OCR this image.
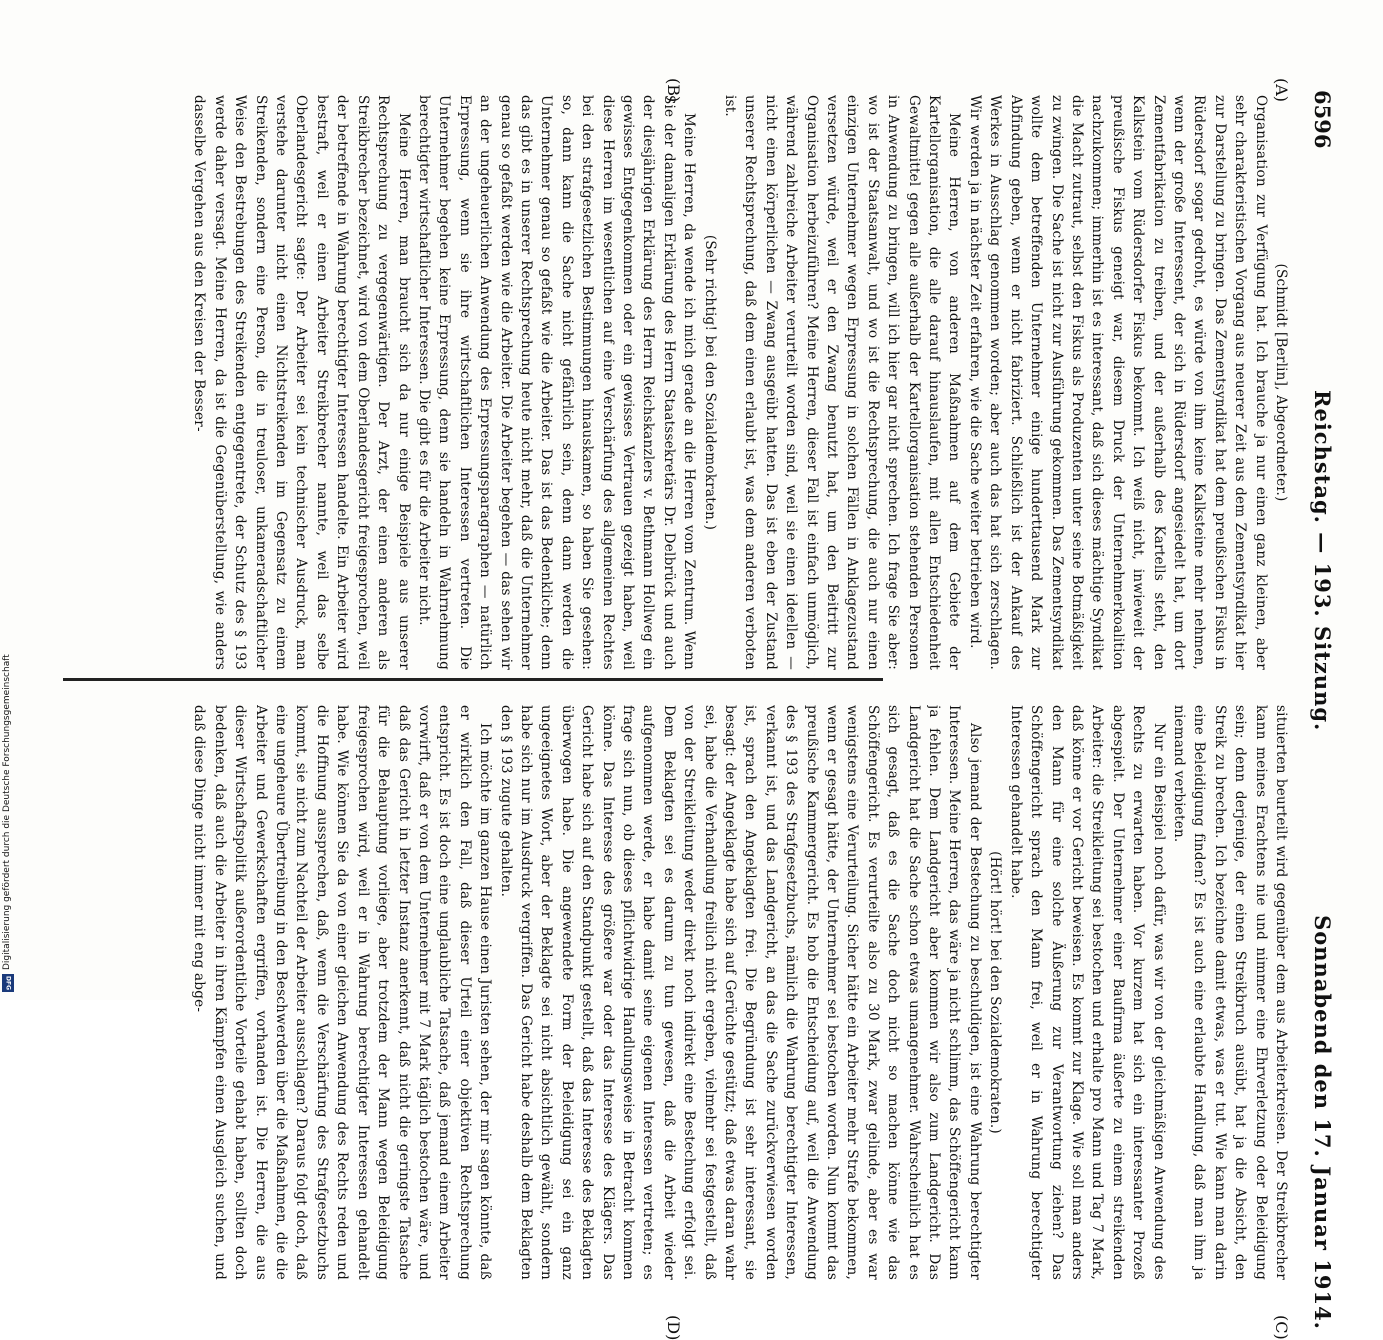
6596
Reichstag. — 193. Sitzung.
Sonnabend den 17. Januar 1914.
(A)
(B)
(C)
(D)

(Schmidt [Berlin], Abgeordneter.)

Organisation zur Verfügung hat. Ich brauche ja nur einen ganz kleinen, aber sehr charakteristischen Vorgang aus neuerer Zeit aus dem Zementsyndikat hier zur Darstellung zu bringen. Das Zementsyndikat hat dem preußischen Fiskus in Rüdersdorf sogar gedroht, es würde von ihm keine Kalksteine mehr nehmen, wenn der große Interessent, der sich in Rüdersdorf angesiedelt hat, um dort Zementfabrikation zu treiben, und der außerhalb des Kartells steht, den Kalkstein vom Rüdersdorfer Fiskus bekommt. Ich weiß nicht, inwieweit der preußische Fiskus geneigt war, diesem Druck der Unternehmerkoalition nachzukommen; immerhin ist es interessant, daß sich dieses mächtige Syndikat die Macht zutraut, selbst den Fiskus als Produzenten unter seine Botmäßigkeit zu zwingen. Die Sache ist nicht zur Ausführung gekommen. Das Zementsyndikat wollte dem betreffenden Unternehmer einige hunderttausend Mark zur Abfindung geben, wenn er nicht fabriziert. Schließlich ist der Ankauf des Werkes in Ausschlag genommen worden; aber auch das hat sich zerschlagen. Wir werden ja in nächster Zeit erfahren, wie die Sache weiter betrieben wird.

Meine Herren, von anderen Maßnahmen auf dem Gebiete der Kartellorganisation, die alle darauf hinauslaufen, mit allen Entschiedenheit Gewaltmittel gegen alle außerhalb der Kartellorganisation stehenden Personen in Anwendung zu bringen, will ich hier gar nicht sprechen. Ich frage Sie aber: wo ist der Staatsanwalt, und wo ist die Rechtsprechung, die auch nur einen einzigen Unternehmer wegen Erpressung in solchen Fällen in Anklagezustand versetzen würde, weil er den Zwang benutzt hat, um den Beitritt zur Organisation herbeizuführen? Meine Herren, dieser Fall ist einfach unmöglich, während zahlreiche Arbeiter verurteilt worden sind, weil sie einen ideellen — nicht einen körperlichen — Zwang ausgeübt hatten. Das ist eben der Zustand unserer Rechtsprechung, daß dem einen erlaubt ist, was dem anderen verboten ist.

(Sehr richtig! bei den Sozialdemokraten.)

Meine Herren, da wende ich mich gerade an die Herren vom Zentrum. Wenn Sie der damaligen Erklärung des Herrn Staatssekretärs Dr. Delbrück und auch der diesjährigen Erklärung des Herrn Reichskanzlers v. Bethmann Hollweg ein gewisses Entgegenkommen oder ein gewisses Vertrauen gezeigt haben, weil diese Herren im wesentlichen auf eine Verschärfung des allgemeinen Rechtes bei den strafgesetzlichen Bestimmungen hinauskamen, so haben Sie gesehen: so, dann kann die Sache nicht gefährlich sein, denn dann werden die Unternehmer genau so gefaßt wie die Arbeiter. Das ist das Bedenkliche; denn das gibt es in unserer Rechtsprechung heute nicht mehr, daß die Unternehmer genau so gefaßt werden wie die Arbeiter. Die Arbeiter begehen — das sehen wir an der ungeheuerlichen Anwendung des Erpressungsparagraphen — natürlich Erpressung, wenn sie ihre wirtschaftlichen Interessen vertreten. Die Unternehmer begehen keine Erpressung, denn sie handeln in Wahrnehmung berechtigter wirtschaftlicher Interessen. Die gibt es für die Arbeiter nicht.

Meine Herren, man braucht sich da nur einige Beispiele aus unserer Rechtsprechung zu vergegenwärtigen. Der Arzt, der einen anderen als Streikbrecher bezeichnet, wird von dem Oberlandesgericht freigesprochen, weil der betreffende in Wahrung berechtigter Interessen handelte. Ein Arbeiter wird bestraft, weil er einen Arbeiter Streikbrecher nannte, weil das selbe Oberlandesgericht sagte: Der Arbeiter sei kein technischer Ausdruck, man verstehe darunter nicht einen Nichtstreikenden im Gegensatz zu einem Streikenden, sondern eine Person, die in treuloser, unkameradschaftlicher Weise den Bestrebungen des Streikenden entgegentrete, der Schutz des § 193 werde daher versagt. Meine Herren, da ist die Gegenüberstellung, wie anders dasselbe Vergehen aus den Kreisen der Besser-

situierten beurteilt wird gegenüber dem aus Arbeiterkreisen. Der Streikbrecher kann meines Erachtens nie und nimmer eine Ehrverletzung oder Beleidigung sein; denn derjenige, der einen Streikbruch ausübt, hat ja die Absicht, den Streik zu brechen. Ich bezeichne damit etwas, was er tut. Wie kann man darin eine Beleidigung finden? Es ist auch eine erlaubte Handlung, daß man ihm ja niemand verbieten.

Nur ein Beispiel noch dafür, was wir von der gleichmäßigen Anwendung des Rechts zu erwarten haben. Vor kurzem hat sich ein interessanter Prozeß abgespielt. Der Unternehmer einer Baufirma äußerte zu einem streikenden Arbeiter: die Streikleitung sei bestochen und erhalte pro Mann und Tag 7 Mark, daß könne er vor Gericht beweisen. Es kommt zur Klage. Wie soll man anders den Mann für eine solche Äußerung zur Verantwortung ziehen? Das Schöffengericht sprach den Mann frei, weil er in Wahrung berechtigter Interessen gehandelt habe.

(Hört! hört! bei den Sozialdemokraten.)

Also jemand der Bestechung zu beschuldigen, ist eine Wahrung berechtigter Interessen. Meine Herren, das wäre ja nicht schlimm, das Schöffengericht kann ja fehlen. Dem Landgericht aber kommen wir also zum Landgericht. Das Landgericht hat die Sache schon etwas umangenehmer. Wahrscheinlich hat es sich gesagt, daß es die Sache doch nicht so machen könne wie das Schöffengericht. Es verurteilte also zu 30 Mark, zwar gelinde, aber es war wenigstens eine Verurteilung. Sicher hätte ein Arbeiter mehr Strafe bekommen, wenn er gesagt hätte, der Unternehmer sei bestochen worden. Nun kommt das preußische Kammergericht. Es hob die Entscheidung auf, weil die Anwendung des § 193 des Strafgesetzbuchs, nämlich die Wahrung berechtigter Interessen, verkannt ist, und das Landgericht, an das die Sache zurückverwiesen worden ist, sprach den Angeklagten frei. Die Begründung ist sehr interessant, sie besagt: der Angeklagte habe sich auf Gerüchte gestützt; daß etwas daran wahr sei, habe die Verhandlung freilich nicht ergeben, vielmehr sei festgestellt, daß von der Streikleitung weder direkt noch indirekt eine Bestechung erfolgt sei. Dem Beklagten sei es darum zu tun gewesen, daß die Arbeit wieder aufgenommen werde, er habe damit seine eigenen Interessen vertreten; es frage sich nun, ob dieses pflichtwidrige Handlungsweise in Betracht kommen könne. Das Interesse des größere war oder das Interesse des Klägers. Das Gericht habe sich auf den Standpunkt gestellt, daß das Interesse des Beklagten überwogen habe. Die angewendete Form der Beleidigung sei ein ganz ungeeignetes Wort, aber der Beklagte sei nicht absichtlich gewählt, sondern habe sich nur im Ausdruck vergriffen. Das Gericht habe deshalb dem Beklagten den § 193 zugute gehalten.

Ich möchte im ganzen Hause einen Juristen sehen, der mir sagen könnte, daß er wirklich den Fall, daß dieser Urteil einer objektiven Rechtsprechung entspricht. Es ist doch eine unglaubliche Tatsache, daß jemand einem Arbeiter vorwirft, daß er von dem Unternehmer mit 7 Mark täglich bestochen wäre, und daß das Gericht in letzter Instanz anerkennt, daß nicht die geringste Tatsache für die Behauptung vorliege, aber trotzdem der Mann wegen Beleidigung freigesprochen wird, weil er in Wahrung berechtigter Interessen gehandelt habe. Wie können Sie da von einer gleichen Anwendung des Rechts reden und die Hoffnung aussprechen, daß, wenn die Verschärfung des Strafgesetzbuchs kommt, sie nicht zum Nachteil der Arbeiter ausschlagen? Daraus folgt doch, daß eine ungeheure Übertreibung in den Beschwerden über die Maßnahmen, die die Arbeiter und Gewerkschaften ergriffen, vorhanden ist. Die Herren, die aus dieser Wirtschaftspolitik außerordentliche Vorteile gehabt haben, sollten doch bedenken, daß auch die Arbeiter in ihren Kämpfen einen Ausgleich suchen, und daß diese Dinge nicht immer mit eng abge-

Digitalisierung gefördert durch die Deutsche Forschungsgemeinschaft
DFG
